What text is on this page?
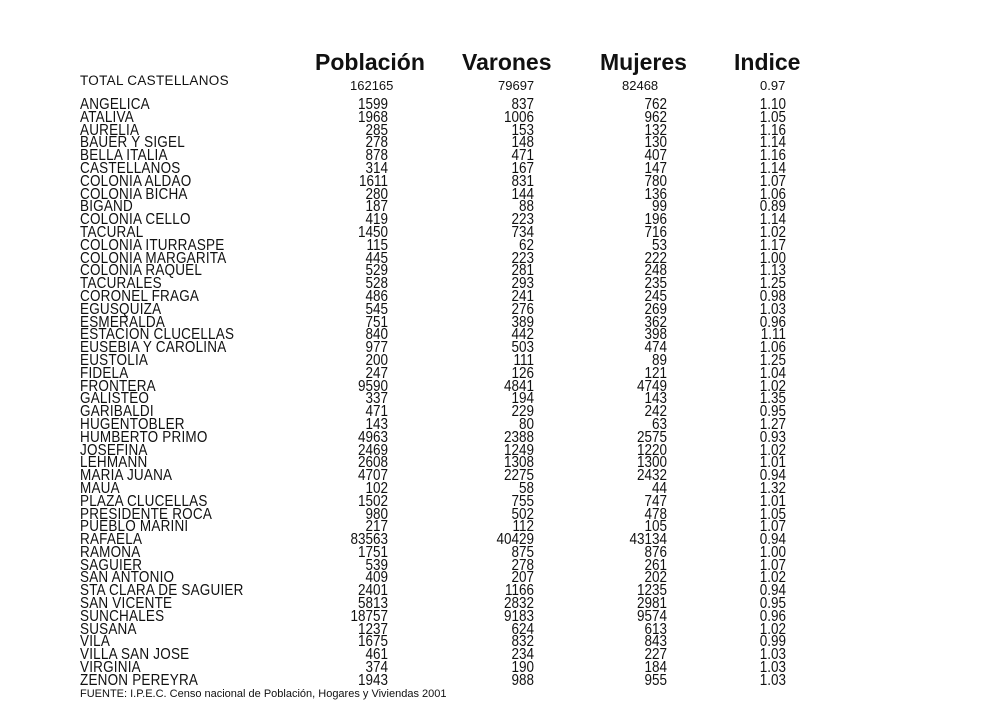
Población Varones Mujeres Indice
TOTAL CASTELLANOS	162165	79697	82468	0.97
ANGELICA	1599	837	762	1.10
ATALIVA	1968	1006	962	1.05
AURELIA	285	153	132	1.16
BAUER Y SIGEL	278	148	130	1.14
BELLA ITALIA	878	471	407	1.16
CASTELLANOS	314	167	147	1.14
COLONIA ALDAO	1611	831	780	1.07
COLONIA BICHA	280	144	136	1.06
BIGAND	187	88	99	0.89
COLONIA CELLO	419	223	196	1.14
TACURAL	1450	734	716	1.02
COLONIA ITURRASPE	115	62	53	1.17
COLONIA MARGARITA	445	223	222	1.00
COLONIA RAQUEL	529	281	248	1.13
TACURALES	528	293	235	1.25
CORONEL FRAGA	486	241	245	0.98
EGUSQUIZA	545	276	269	1.03
ESMERALDA	751	389	362	0.96
ESTACION CLUCELLAS	840	442	398	1.11
EUSEBIA Y CAROLINA	977	503	474	1.06
EUSTOLIA	200	111	89	1.25
FIDELA	247	126	121	1.04
FRONTERA	9590	4841	4749	1.02
GALISTEO	337	194	143	1.35
GARIBALDI	471	229	242	0.95
HUGENTOBLER	143	80	63	1.27
HUMBERTO PRIMO	4963	2388	2575	0.93
JOSEFINA	2469	1249	1220	1.02
LEHMANN	2608	1308	1300	1.01
MARIA JUANA	4707	2275	2432	0.94
MAUA	102	58	44	1.32
PLAZA CLUCELLAS	1502	755	747	1.01
PRESIDENTE ROCA	980	502	478	1.05
PUEBLO MARINI	217	112	105	1.07
RAFAELA	83563	40429	43134	0.94
RAMONA	1751	875	876	1.00
SAGUIER	539	278	261	1.07
SAN ANTONIO	409	207	202	1.02
STA CLARA DE SAGUIER	2401	1166	1235	0.94
SAN VICENTE	5813	2832	2981	0.95
SUNCHALES	18757	9183	9574	0.96
SUSANA	1237	624	613	1.02
VILA	1675	832	843	0.99
VILLA SAN JOSE	461	234	227	1.03
VIRGINIA	374	190	184	1.03
ZENON PEREYRA	1943	988	955	1.03
FUENTE: I.P.E.C. Censo nacional de Población, Hogares y Viviendas 2001
